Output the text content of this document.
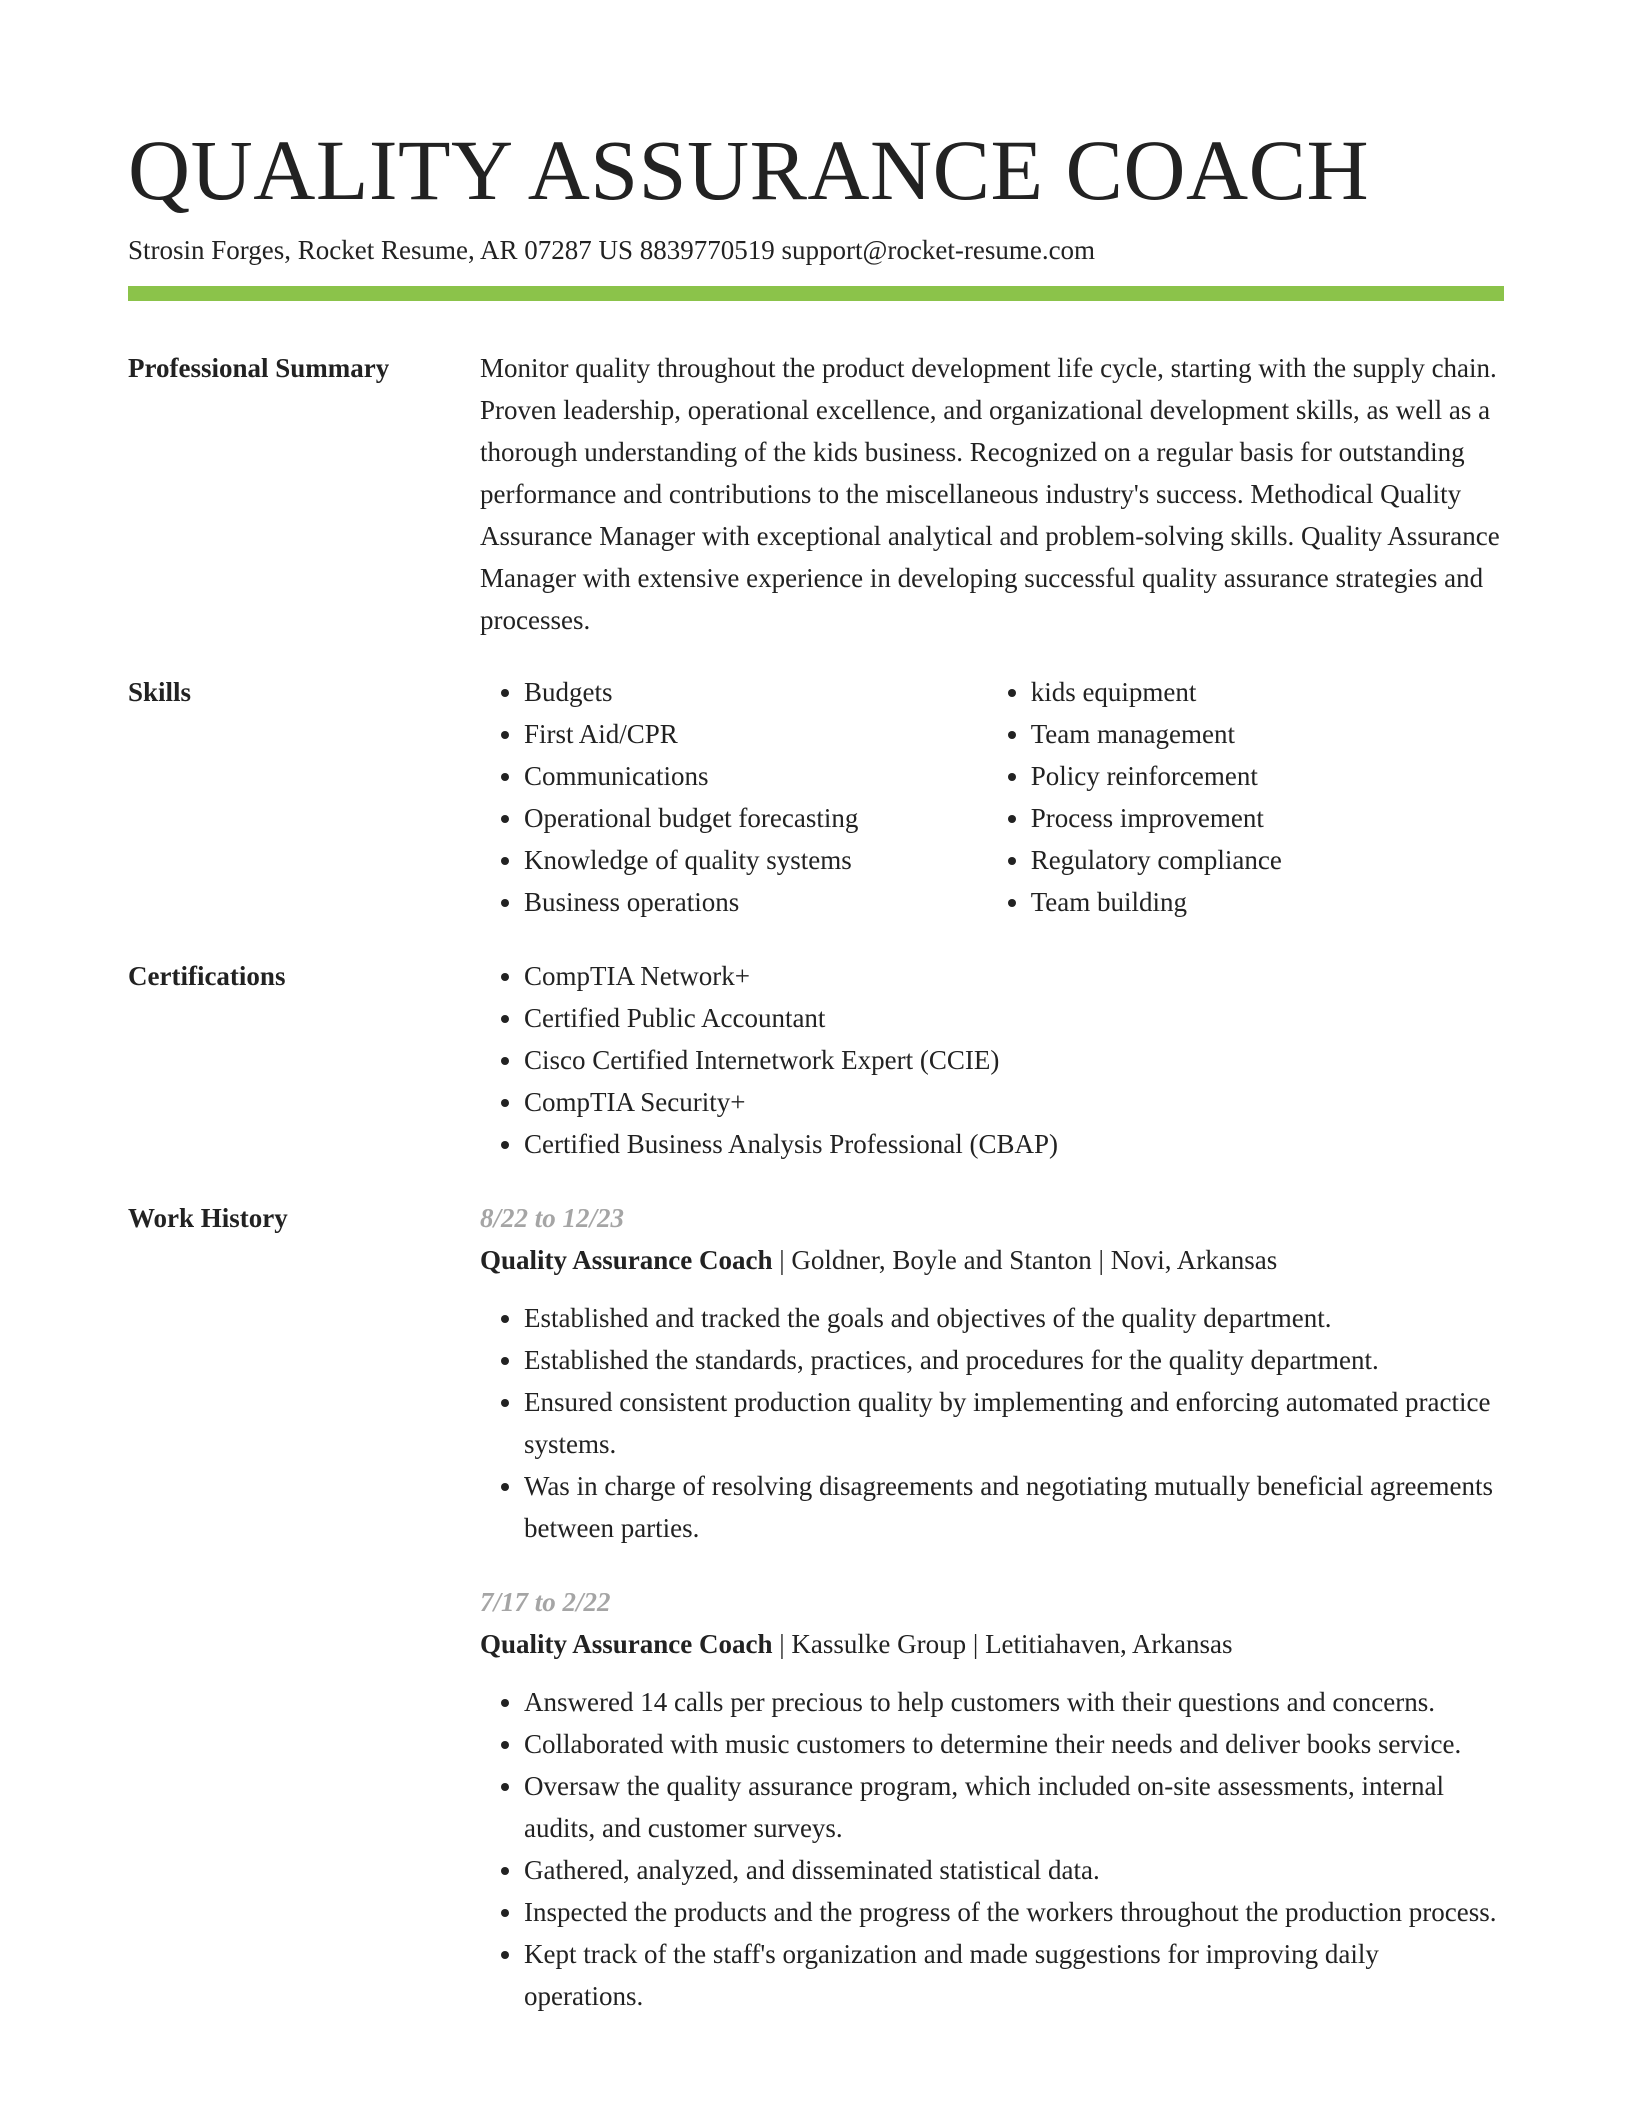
QUALITY ASSURANCE COACH
Strosin Forges, Rocket Resume, AR 07287 US 8839770519 support@rocket-resume.com
Professional Summary	Monitor quality throughout the product development life cycle, starting with the supply chain. Proven leadership, operational excellence, and organizational development skills, as well as a thorough understanding of the kids business. Recognized on a regular basis for outstanding performance and contributions to the miscellaneous industry's success. Methodical Quality Assurance Manager with exceptional analytical and problem-solving skills. Quality Assurance Manager with extensive experience in developing successful quality assurance strategies and processes.

Skills	• Budgets
• First Aid/CPR
• Communications
• Operational budget forecasting
• Knowledge of quality systems
• Business operations
• kids equipment
• Team management
• Policy reinforcement
• Process improvement
• Regulatory compliance
• Team building
Certifications	• CompTIA Network+
• Certified Public Accountant
• Cisco Certified Internetwork Expert (CCIE)
• CompTIA Security+
• Certified Business Analysis Professional (CBAP)
Work History	8/22 to 12/23
Quality Assurance Coach | Goldner, Boyle and Stanton | Novi, Arkansas
• Established and tracked the goals and objectives of the quality department.
• Established the standards, practices, and procedures for the quality department.
• Ensured consistent production quality by implementing and enforcing automated practice systems.
• Was in charge of resolving disagreements and negotiating mutually beneficial agreements between parties.
7/17 to 2/22
Quality Assurance Coach | Kassulke Group | Letitiahaven, Arkansas
• Answered 14 calls per precious to help customers with their questions and concerns.
• Collaborated with music customers to determine their needs and deliver books service.
• Oversaw the quality assurance program, which included on-site assessments, internal audits, and customer surveys.
• Gathered, analyzed, and disseminated statistical data.
• Inspected the products and the progress of the workers throughout the production process.
• Kept track of the staff's organization and made suggestions for improving daily operations.
